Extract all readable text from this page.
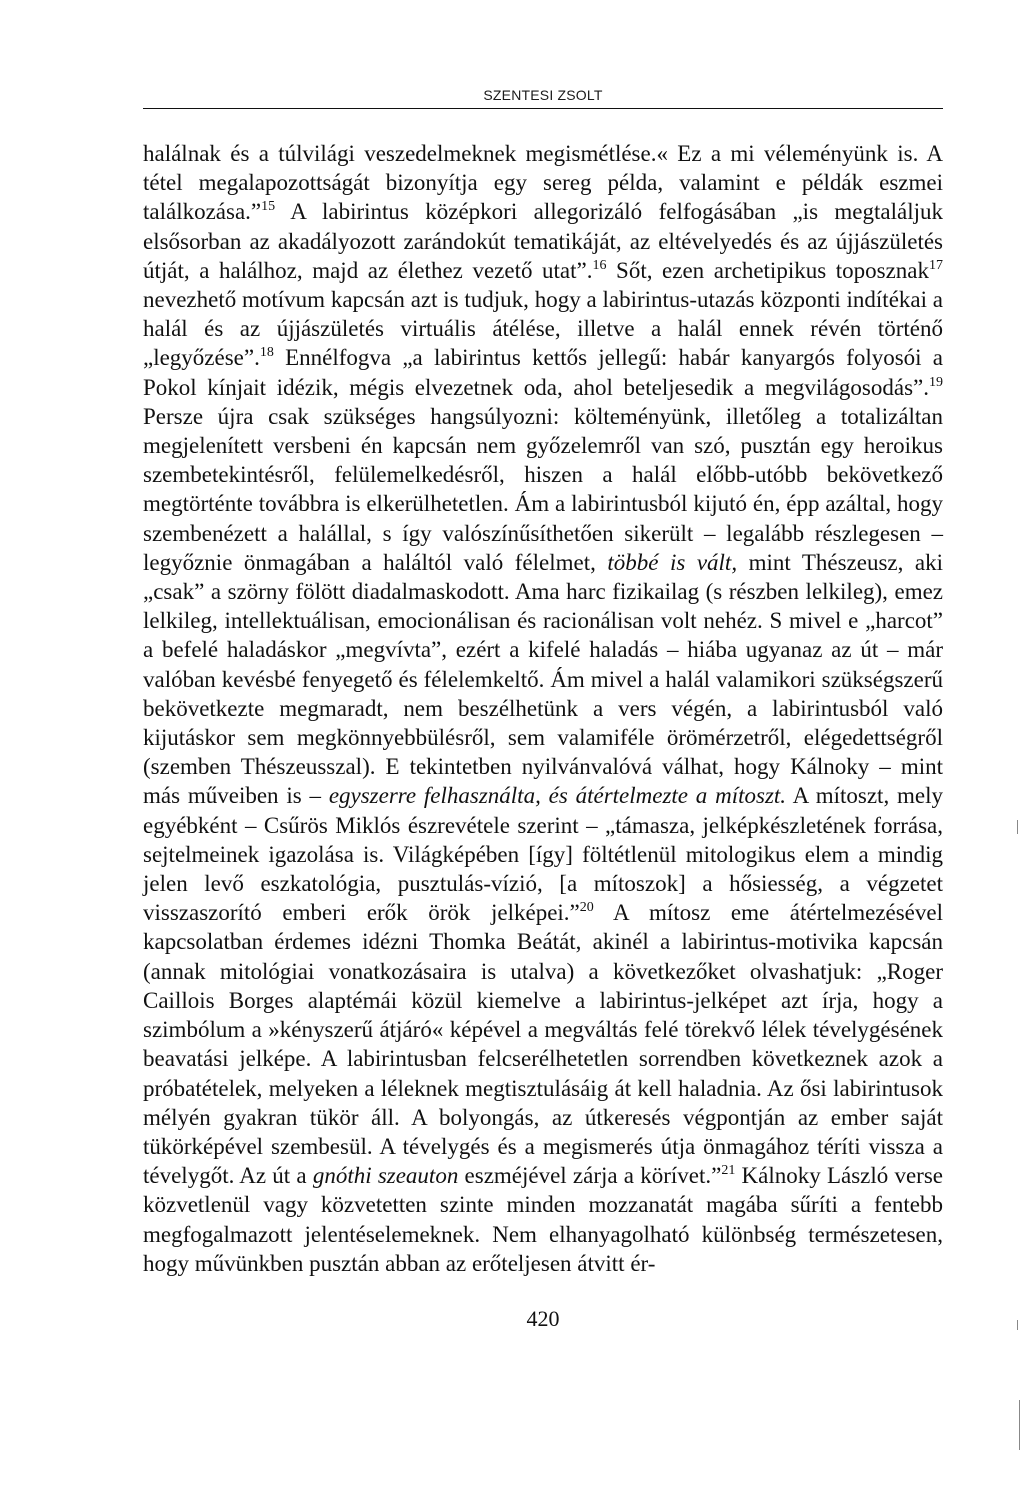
SZENTESI ZSOLT
halálnak és a túlvilági veszedelmeknek megismétlése.« Ez a mi véleményünk is. A tétel megalapozottságát bizonyítja egy sereg példa, valamint e példák eszmei találkozása.”$^{15}$ A labirintus középkori allegorizáló felfogásában „is megtaláljuk elsősorban az akadályozott zarándokút tematikáját, az eltévelyedés és az újjászületés útját, a halálhoz, majd az élethez vezető utat”.$^{16}$ Sőt, ezen archetipikus toposznak$^{17}$ nevezhető motívum kapcsán azt is tudjuk, hogy a labirintus-utazás központi indítékai a halál és az újjászületés virtuális átélése, illetve a halál ennek révén történő „legyőzése”.$^{18}$ Ennélfogva „a labirintus kettős jellegű: habár kanyargós folyosói a Pokol kínjait idézik, mégis elvezetnek oda, ahol beteljesedik a megvilágosodás”.$^{19}$ Persze újra csak szükséges hangsúlyozni: költeményünk, illetőleg a totalizáltan megjelenített versbeni én kapcsán nem győzelemről van szó, pusztán egy heroikus szembetekintésről, felülemelkedésről, hiszen a halál előbb-utóbb bekövetkező megtörténte továbbra is elkerülhetetlen. Ám a labirintusból kijutó én, épp azáltal, hogy szembenézett a halállal, s így valószínűsíthetően sikerült – legalább részlegesen – legyőznie önmagában a haláltól való félelmet, többé is vált, mint Thészeusz, aki „csak” a szörny fölött diadalmaskodott. Ama harc fizikailag (s részben lelkileg), emez lelkileg, intellektuálisan, emocionálisan és racionálisan volt nehéz. S mivel e „harcot” a befelé haladáskor „megvívta”, ezért a kifelé haladás – hiába ugyanaz az út – már valóban kevésbé fenyegető és félelemkeltő. Ám mivel a halál valamikori szükségszerű bekövetkezte megmaradt, nem beszélhetünk a vers végén, a labirintusból való kijutáskor sem megkönnyebbülésről, sem valamiféle örömérzetről, elégedettségről (szemben Thészeusszal). E tekintetben nyilvánvalóvá válhat, hogy Kálnoky – mint más műveiben is – egyszerre felhasználta, és átértelmezte a mítoszt. A mítoszt, mely egyébként – Csűrös Miklós észrevétele szerint – „támasza, jelképkészletének forrása, sejtelmeinek igazolása is. Világképében [így] föltétlenül mitologikus elem a mindig jelen levő eszkatológia, pusztulás-vízió, [a mítoszok] a hősiesség, a végzetet visszaszorító emberi erők örök jelképei.”$^{20}$ A mítosz eme átértelmezésével kapcsolatban érdemes idézni Thomka Beátát, akinél a labirintus-motivika kapcsán (annak mitológiai vonatkozásaira is utalva) a következőket olvashatjuk: „Roger Caillois Borges alaptémái közül kiemelve a labirintus-jelképet azt írja, hogy a szimbólum a »kényszerű átjáró« képével a megváltás felé törekvő lélek tévelygésének beavatási jelképe. A labirintusban felcserélhetetlen sorrendben következnek azok a próbatételek, melyeken a léleknek megtisztulásáig át kell haladnia. Az ősi labirintusok mélyén gyakran tükör áll. A bolyongás, az útkeresés végpontján az ember saját tükörképével szembesül. A tévelygés és a megismerés útja önmagához téríti vissza a tévelygőt. Az út a gnóthi szeauton eszméjével zárja a körívet.”$^{21}$ Kálnoky László verse közvetlenül vagy közvetetten szinte minden mozzanatát magába sűríti a fentebb megfogalmazott jelentéselemeknek. Nem elhanyagolható különbség természetesen, hogy művünkben pusztán abban az erőteljesen átvitt ér-
420
